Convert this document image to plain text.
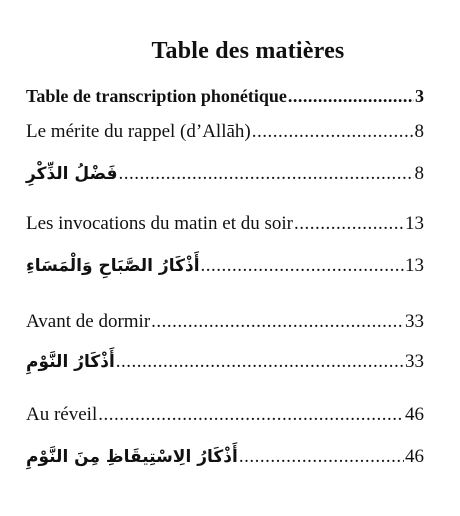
Table des matières
Table de transcription phonétique .....	3
Le mérite du rappel (d’Allāh) .....	8
فَضْلُ الذِّكْرِ .....	8
Les invocations du matin et du soir .....	13
أَذْكَارُ الصَّبَاحِ وَالْمَسَاءِ .....	13
Avant de dormir .....	33
أَذْكَارُ النَّوْمِ .....	33
Au réveil .....	46
أَذْكَارُ الِاسْتِيقَاظِ مِنَ النَّوْمِ .....	46
